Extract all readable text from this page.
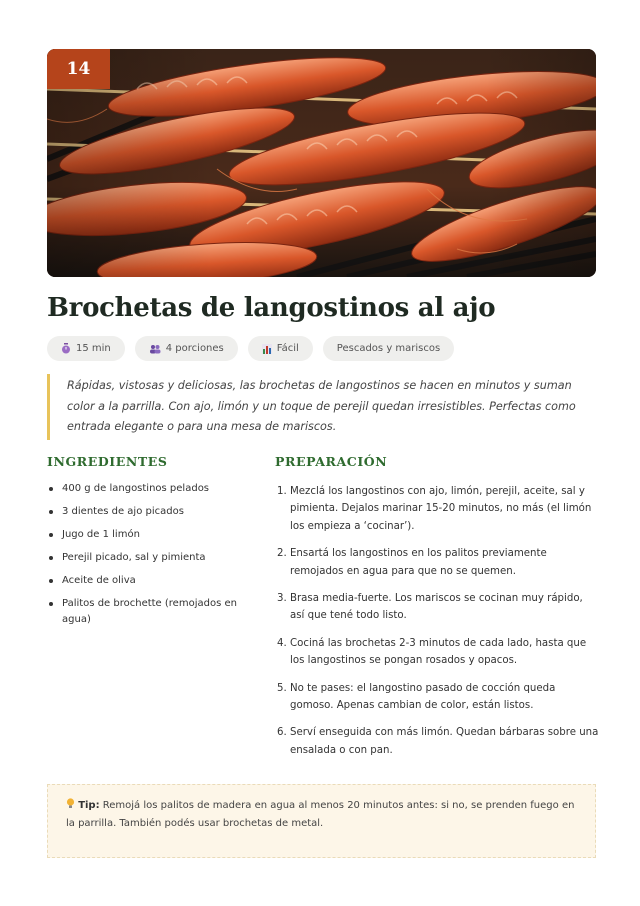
14
Brochetas de langostinos al ajo
15 min	4 porciones	Fácil	Pescados y mariscos
Rápidas, vistosas y deliciosas, las brochetas de langostinos se hacen en minutos y suman color a la parrilla. Con ajo, limón y un toque de perejil quedan irresistibles. Perfectas como entrada elegante o para una mesa de mariscos.
INGREDIENTES
400 g de langostinos pelados
3 dientes de ajo picados
Jugo de 1 limón
Perejil picado, sal y pimienta
Aceite de oliva
Palitos de brochette (remojados en agua)
PREPARACIÓN
1. Mezclá los langostinos con ajo, limón, perejil, aceite, sal y pimienta. Dejalos marinar 15-20 minutos, no más (el limón los empieza a ‘cocinar’).
2. Ensartá los langostinos en los palitos previamente remojados en agua para que no se quemen.
3. Brasa media-fuerte. Los mariscos se cocinan muy rápido, así que tené todo listo.
4. Cociná las brochetas 2-3 minutos de cada lado, hasta que los langostinos se pongan rosados y opacos.
5. No te pases: el langostino pasado de cocción queda gomoso. Apenas cambian de color, están listos.
6. Serví enseguida con más limón. Quedan bárbaras sobre una ensalada o con pan.
Tip: Remojá los palitos de madera en agua al menos 20 minutos antes: si no, se prenden fuego en la parrilla. También podés usar brochetas de metal.
